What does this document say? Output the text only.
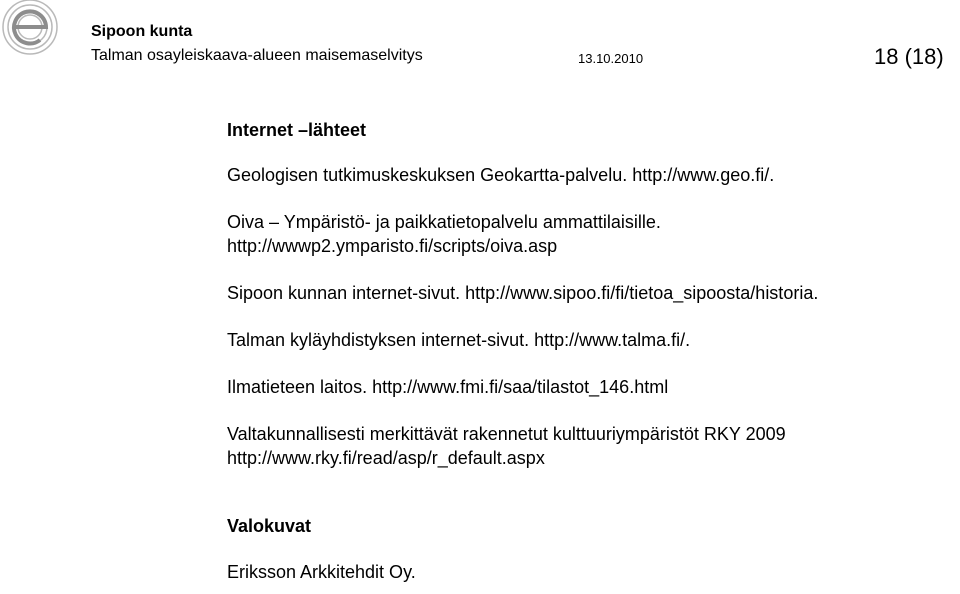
Sipoon kunta
Talman osayleiskaava-alueen maisemaselvitys	13.10.2010	18 (18)
Internet –lähteet
Geologisen tutkimuskeskuksen Geokartta-palvelu. http://www.geo.fi/.
Oiva – Ympäristö- ja paikkatietopalvelu ammattilaisille.
http://wwwp2.ymparisto.fi/scripts/oiva.asp
Sipoon kunnan internet-sivut. http://www.sipoo.fi/fi/tietoa_sipoosta/historia.
Talman kyläyhdistyksen internet-sivut. http://www.talma.fi/.
Ilmatieteen laitos. http://www.fmi.fi/saa/tilastot_146.html
Valtakunnallisesti merkittävät rakennetut kulttuuriympäristöt RKY 2009
http://www.rky.fi/read/asp/r_default.aspx
Valokuvat
Eriksson Arkkitehdit Oy.
